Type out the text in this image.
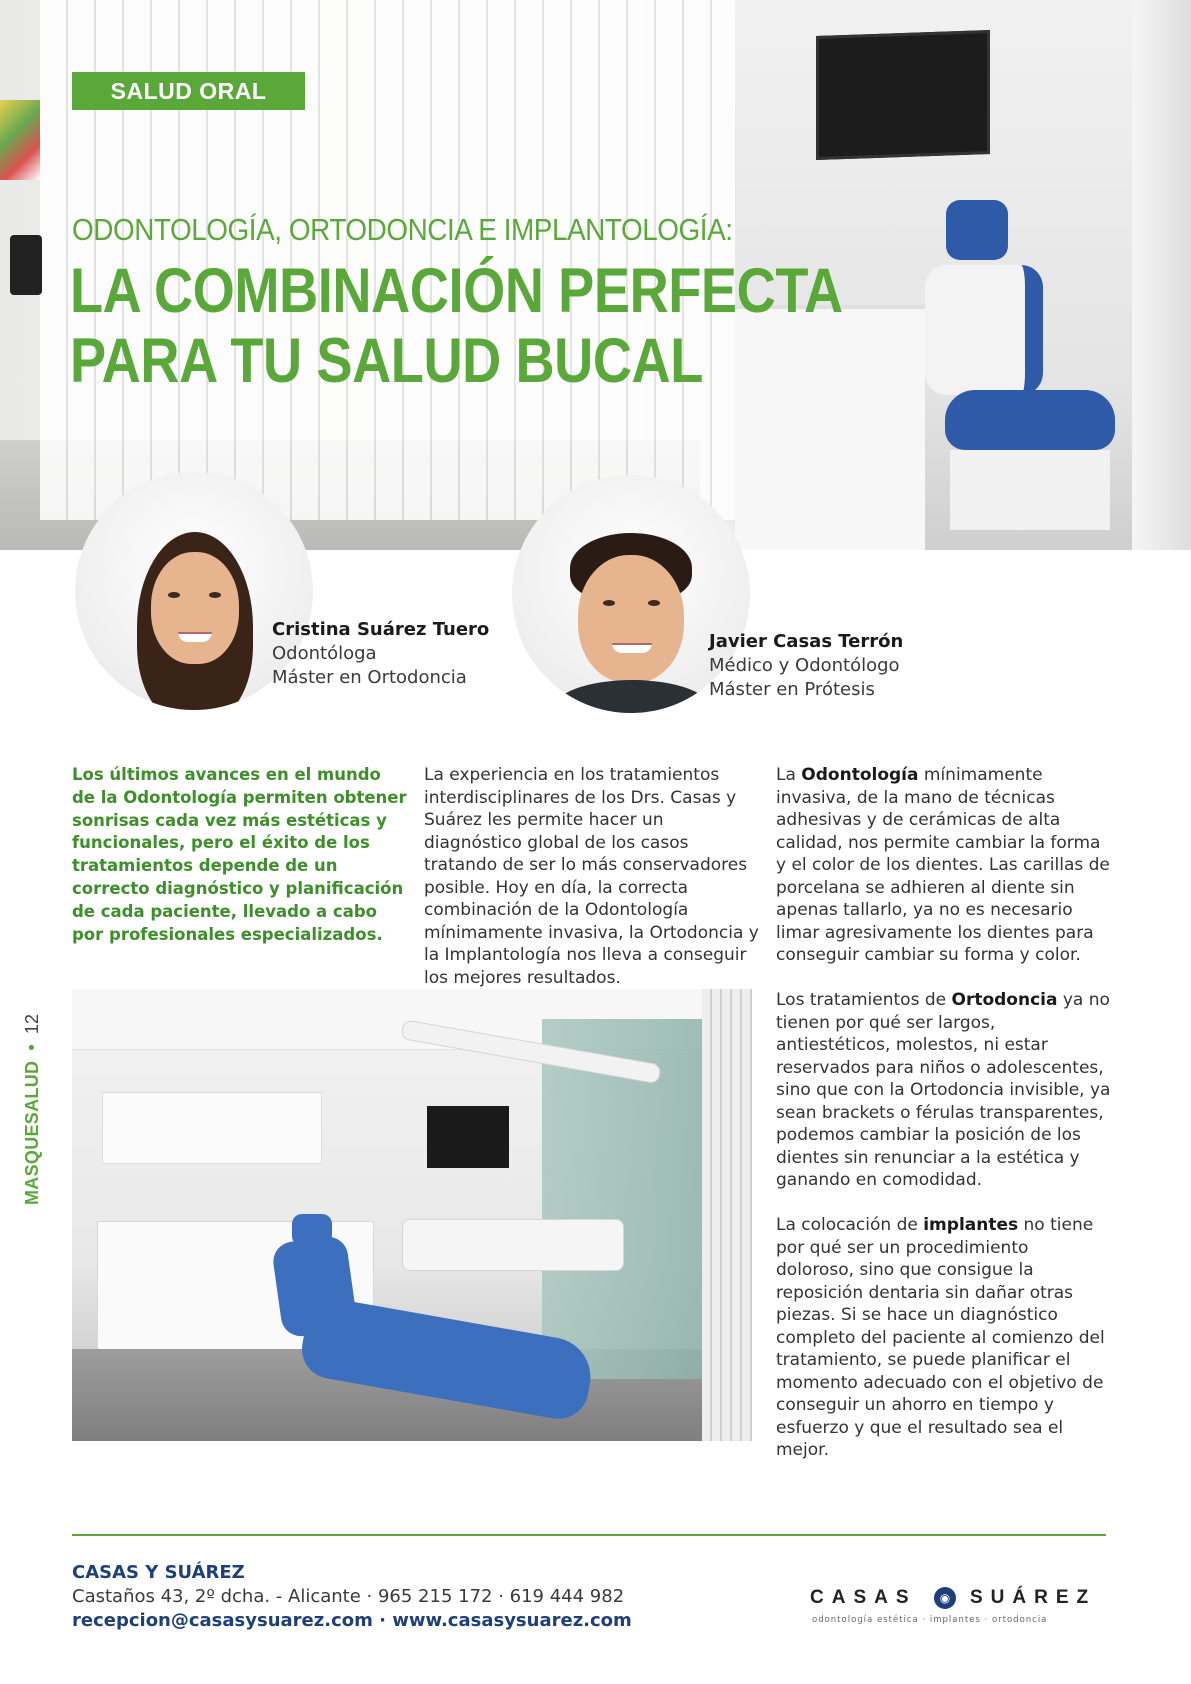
SALUD ORAL
ODONTOLOGÍA, ORTODONCIA E IMPLANTOLOGÍA:
LA COMBINACIÓN PERFECTA
PARA TU SALUD BUCAL
Cristina Suárez Tuero
Odontóloga
Máster en Ortodoncia
Javier Casas Terrón
Médico y Odontólogo
Máster en Prótesis
Los últimos avances en el mundo de la Odontología permiten obtener sonrisas cada vez más estéticas y funcionales, pero el éxito de los tratamientos depende de un correcto diagnóstico y planificación de cada paciente, llevado a cabo por profesionales especializados.

La experiencia en los tratamientos interdisciplinares de los Drs. Casas y Suárez les permite hacer un diagnóstico global de los casos tratando de ser lo más conservadores posible. Hoy en día, la correcta combinación de la Odontología mínimamente invasiva, la Ortodoncia y la Implantología nos lleva a conseguir los mejores resultados.

La Odontología mínimamente invasiva, de la mano de técnicas adhesivas y de cerámicas de alta calidad, nos permite cambiar la forma y el color de los dientes. Las carillas de porcelana se adhieren al diente sin apenas tallarlo, ya no es necesario limar agresivamente los dientes para conseguir cambiar su forma y color.

Los tratamientos de Ortodoncia ya no tienen por qué ser largos, antiestéticos, molestos, ni estar reservados para niños o adolescentes, sino que con la Ortodoncia invisible, ya sean brackets o férulas transparentes, podemos cambiar la posición de los dientes sin renunciar a la estética y ganando en comodidad.

La colocación de implantes no tiene por qué ser un procedimiento doloroso, sino que consigue la reposición dentaria sin dañar otras piezas. Si se hace un diagnóstico completo del paciente al comienzo del tratamiento, se puede planificar el momento adecuado con el objetivo de conseguir un ahorro en tiempo y esfuerzo y que el resultado sea el mejor.

MASQUESALUD•12
CASAS Y SUÁREZ
Castaños 43, 2º dcha. - Alicante · 965 215 172 · 619 444 982
recepcion@casasysuarez.com · www.casasysuarez.com
CASAS	◉	SUÁREZ
odontología estética · implantes · ortodoncia
